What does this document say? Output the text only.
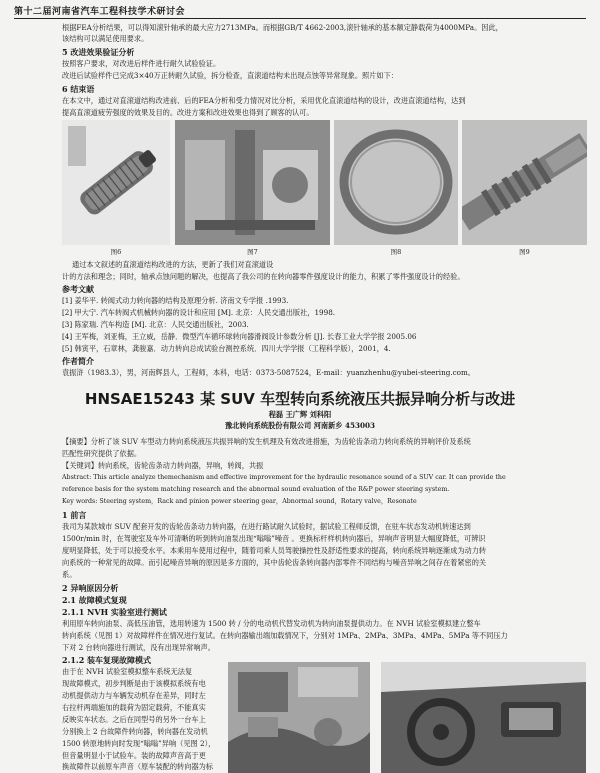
第十二届河南省汽车工程科技学术研讨会
根据FEA分析结果，可以得知滚针轴承的最大应力2713MPa。而根据GB/T 4662-2003,滚针轴承的基本额定静载荷为4000MPa。因此，
该结构可以满足使用要求。
5 改进效果验证分析
按照客户要求，对改进后样件进行耐久试验验证。
改进后试验样件已完成3×40万正转耐久试验，拆分检查，直滚道结构未出现点蚀等异常现象。照片如下：
6 结束语
在本文中，通过对直滚道结构改进前、后的FEA分析和受力情况对比分析，采用优化直滚道结构的设计，改进直滚道结构，达到
提高直滚道疲劳强度的效果及目的。改进方案和改进效果也得到了顾客的认可。
图6	图7	图8	图9
通过本文叙述的直滚道结构改进的方法，更新了我们对直滚道设
计的方法和理念；同时，轴承点蚀问题的解决，也提高了我公司的在转向器零件强度设计的能力，积累了零件强度设计的经验。
参考文献
[1] 姜华平. 转阀式动力转向器的结构及原理分析. 济南文专学报 .1993.
[2] 甲大宁. 汽车转阀式机械转向器的设计和应用 [M]. 北京：人民交通出版社，1998.
[3] 陈家瑞. 汽车构造 [M]. 北京：人民交通出版社，2003.
[4] 王军梅，刘亚梅，王立威，岳静．微型汽车循环球转向器滑阀设计参数分析 [J]. 长春工业大学学报 2005.06
[5] 韩寅平，石章林，龚骏嘉．动力转向总成试验台测控系统．四川大学学报（工程科学版），2001，4.
作者简介
袁振浒（1983.3），男，河南辉县人，工程师，本科，电话：0373-5087524，E-mail：yuanzhenhu@yubei-steering.com。
HNSAE15243 某 SUV 车型转向系统液压共振异响分析与改进
程磊 王广辉 刘科阳
豫北转向系统股份有限公司 河南新乡 453003
【摘要】分析了该 SUV 车型动力转向系统液压共振异响的发生机理及有效改进措施，为齿轮齿条动力转向系统的异响评价及系统
匹配性研究提供了依据。
【关键词】转向系统，齿轮齿条动力转向器，异响，转阀，共振
Abstract: This article analyze themechanism and effective improvement for the hydraulic resonance sound of a SUV car. It can provide the
reference basis for the system matching research and the abnormal sound evaluation of the R&P power steering system.
Key words: Steering system，Rack and pinion power steering gear，Abnormal sound，Rotary valve，Resonate
1 前言
我司为某款城市 SUV 配套开发的齿轮齿条动力转向器，在进行路试耐久试验时，据试验工程师反馈，在驻车状态发动机转速达到
1500r/min 时，在驾驶室及车外可清晰的听到转向油泵出现“嗡嗡”噪音 。更换标杆样机转向器后，异响声音明显大幅度降低，可辨识
度明显降低，处于可以接受水平。本乘用车使用过程中，随着司乘人员驾驶操控性及舒适性要求的提高，转向系统异响逐渐成为动力转
向系统的一种常见的故障。而引起噪音异响的原因是多方面的，其中齿轮齿条转向器内部零件不同结构与噪音异响之间存在着紧密的关
系。
2 异响原因分析
2.1 故障模式复现
2.1.1 NVH 实验室进行测试
利用原车转向油泵、高低压油管，选用转速为 1500 转 / 分的电动机代替发动机为转向油泵提供动力。在 NVH 试验室模拟建立整车
转向系统（见图 1）对故障样件在情况进行复试。在转向器输出端加载情况下，分别对 1MPa、2MPa、3MPa、4MPa、5MPa 等不同压力
下对 2 台转向器进行测试，没有出现异常响声。
2.1.2 装车复现故障模式
由于在 NVH 试验室模拟整车系统无法复
现故障模式，初步判断是由于该模拟系统有电
动机提供动力与车辆发动机存在差异，同时左
右拉杆两端施加的载荷为固定载荷，不能真实
反映实车状态。之后在同型号的另外一台车上
分别换上 2 台故障件转向器，转向器在发动机
1500 转原地转向时发现“嗡嗡”异响（见图 2），
但音量明显小于试验车。装的故障声音高于更
换故障件以前原车声音（原车装配的转向器为标
